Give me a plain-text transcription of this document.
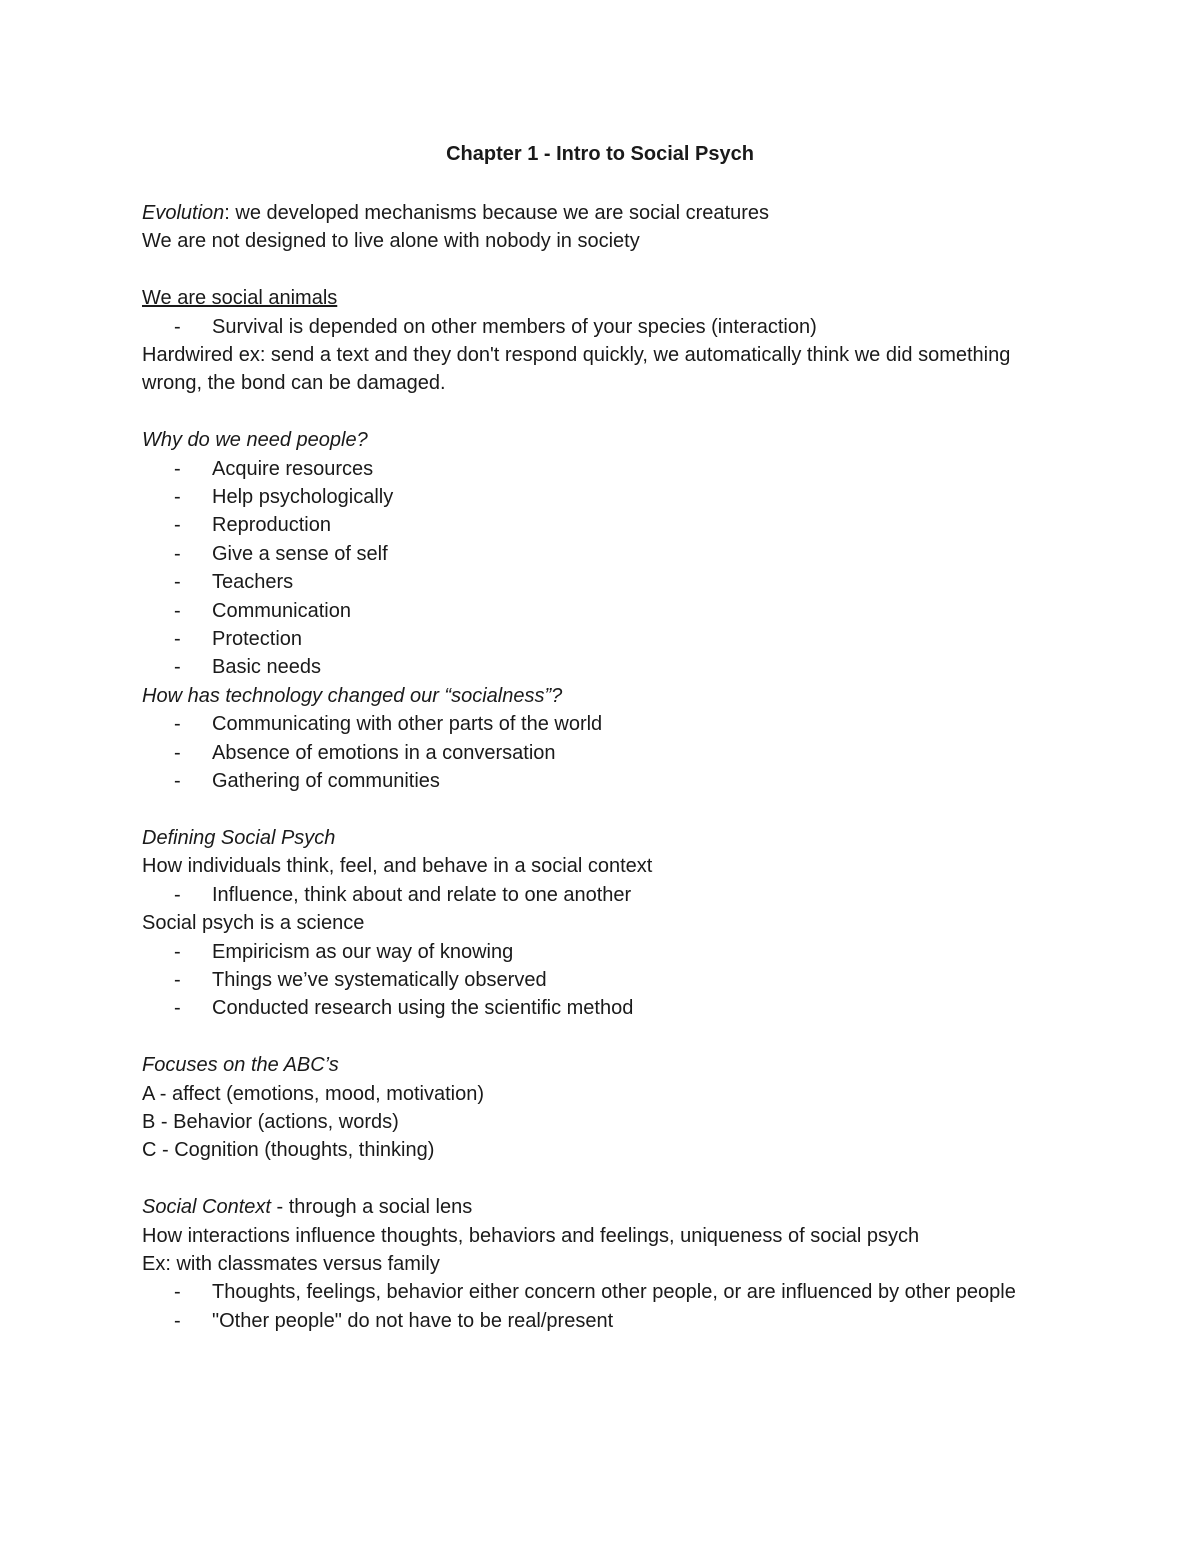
Chapter 1 - Intro to Social Psych
Evolution: we developed mechanisms because we are social creatures
We are not designed to live alone with nobody in society
We are social animals
- Survival is depended on other members of your species (interaction)
Hardwired ex: send a text and they don't respond quickly, we automatically think we did something wrong, the bond can be damaged.
Why do we need people?
- Acquire resources
- Help psychologically
- Reproduction
- Give a sense of self
- Teachers
- Communication
- Protection
- Basic needs
How has technology changed our “socialness”?
- Communicating with other parts of the world
- Absence of emotions in a conversation
- Gathering of communities
Defining Social Psych
How individuals think, feel, and behave in a social context
- Influence, think about and relate to one another
Social psych is a science
- Empiricism as our way of knowing
- Things we’ve systematically observed
- Conducted research using the scientific method
Focuses on the ABC’s
A - affect (emotions, mood, motivation)
B - Behavior (actions, words)
C - Cognition (thoughts, thinking)
Social Context - through a social lens
How interactions influence thoughts, behaviors and feelings, uniqueness of social psych
Ex: with classmates versus family
- Thoughts, feelings, behavior either concern other people, or are influenced by other people
- "Other people" do not have to be real/present
